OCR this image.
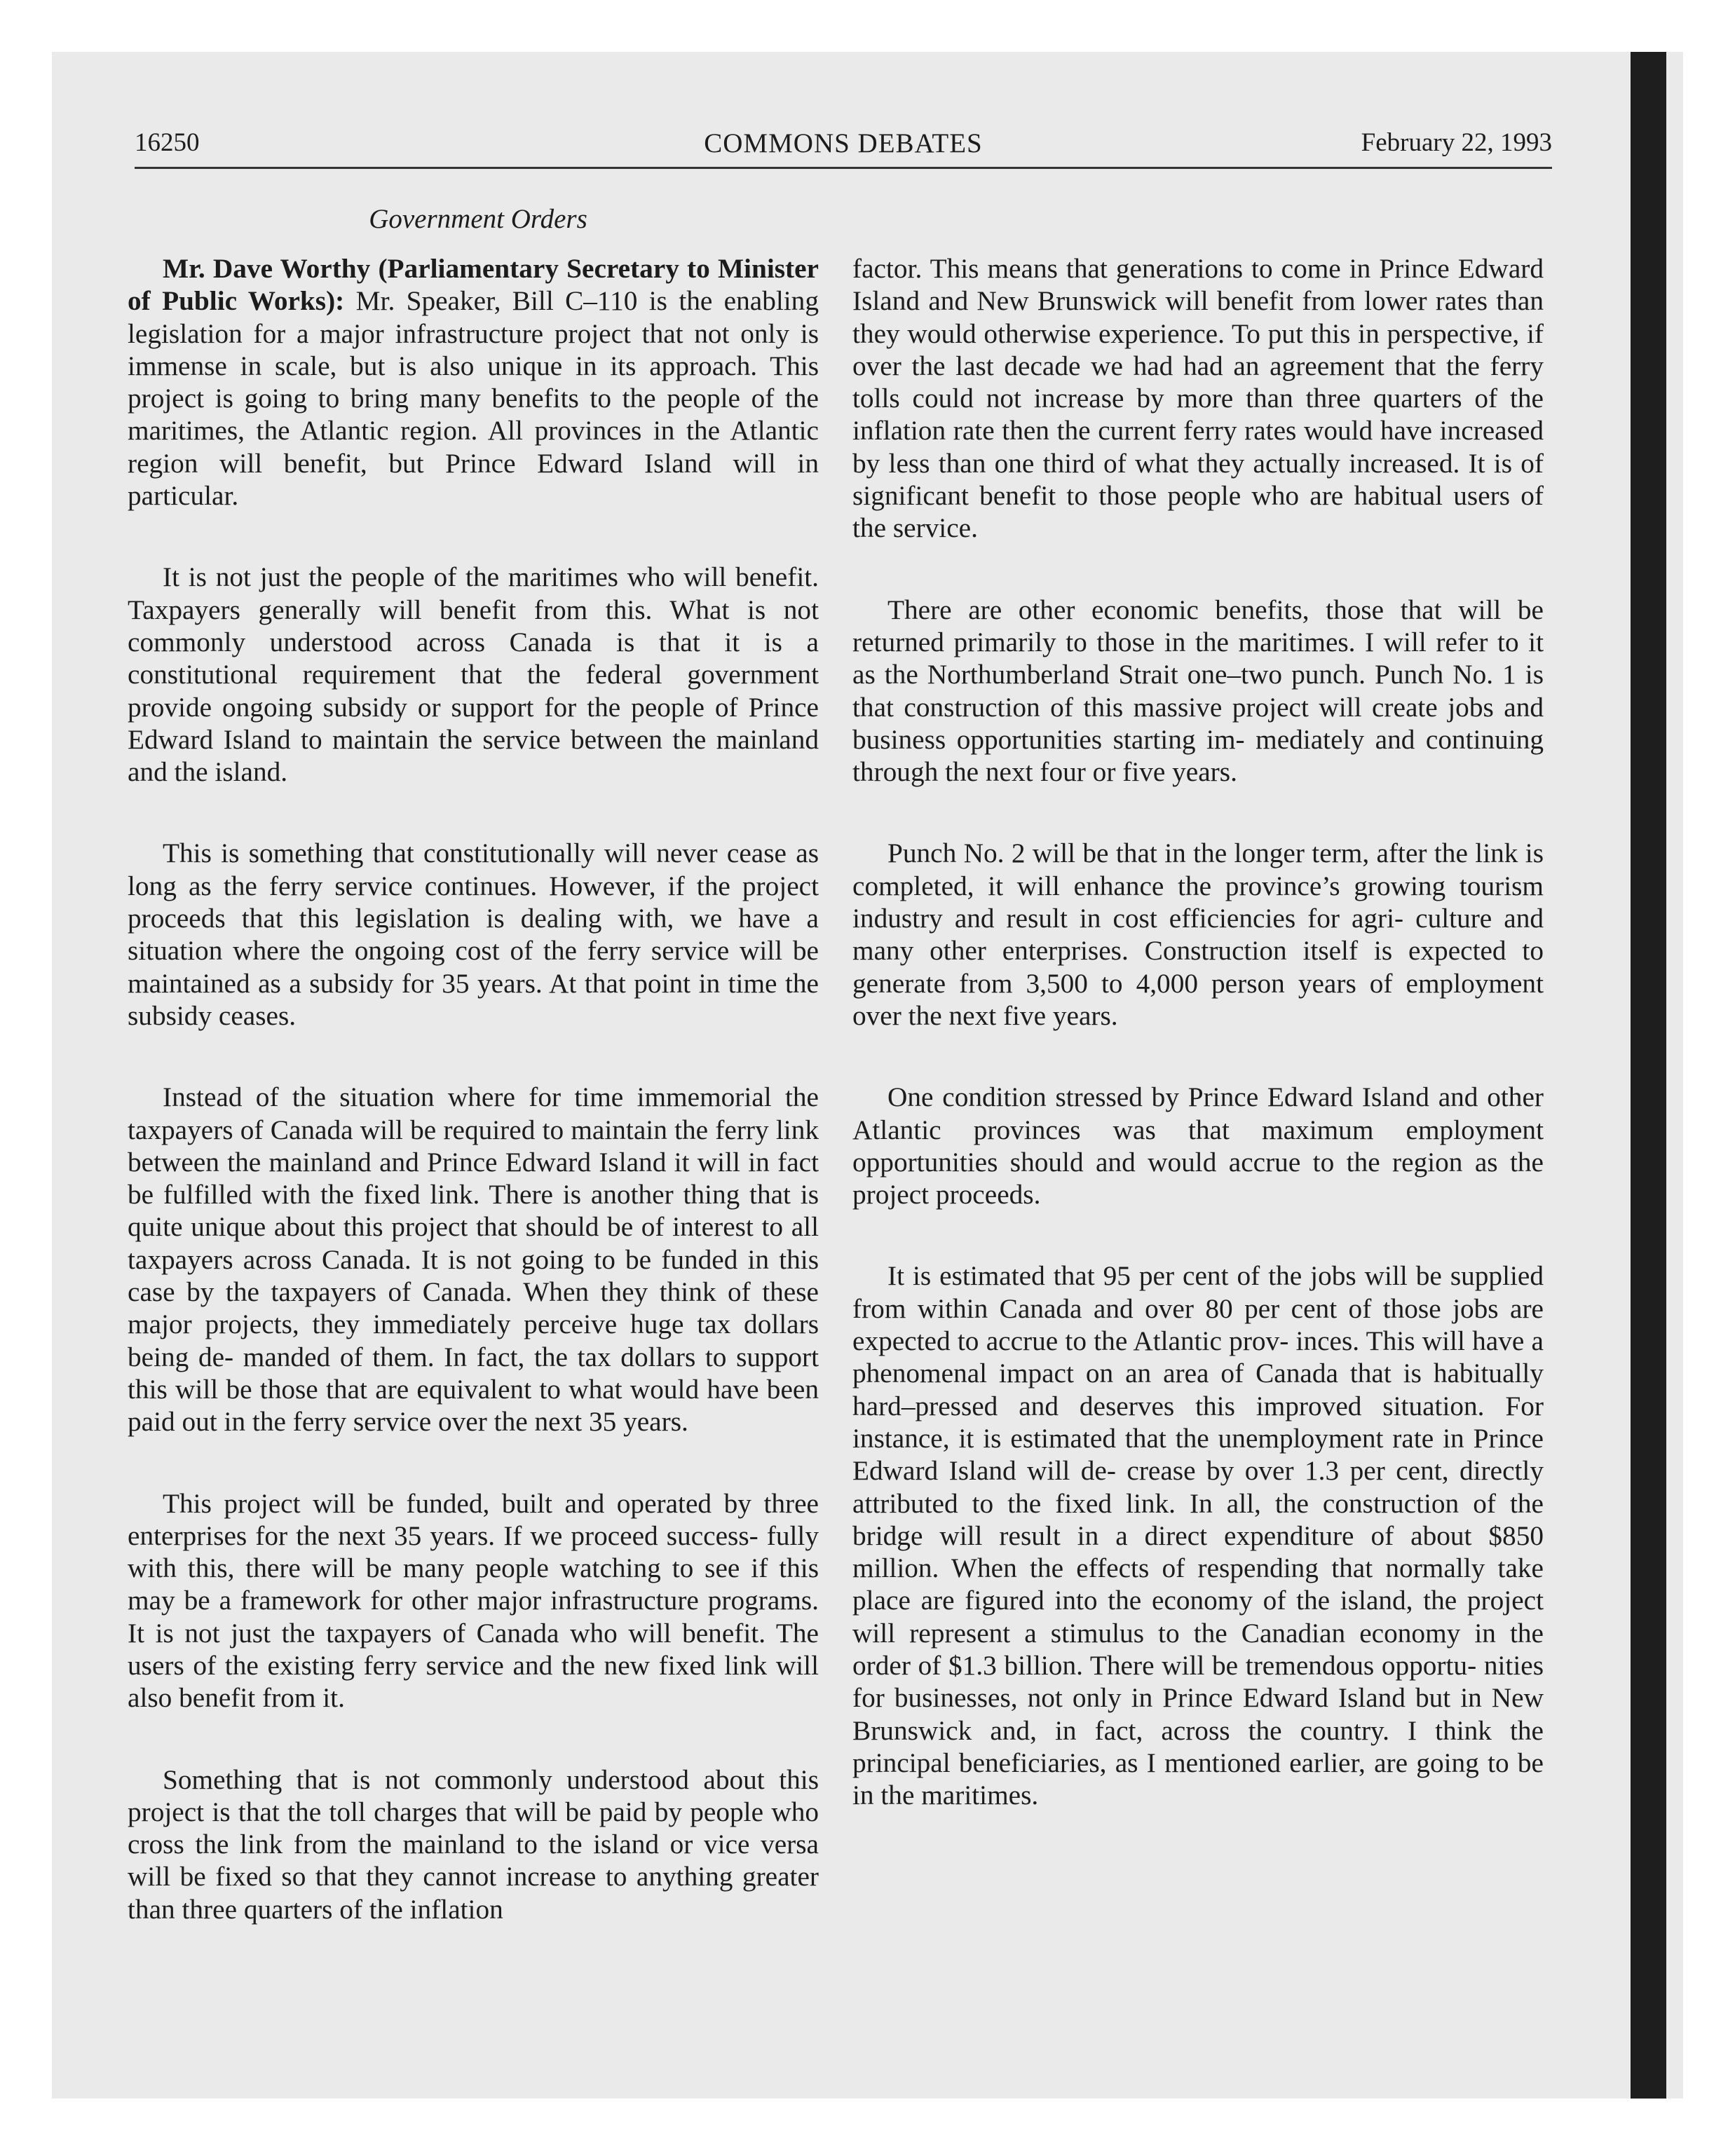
16250	COMMONS DEBATES	February 22, 1993
Government Orders

Mr. Dave Worthy (Parliamentary Secretary to Minister of Public Works): Mr. Speaker, Bill C–110 is the enabling legislation for a major infrastructure project that not only is immense in scale, but is also unique in its approach. This project is going to bring many benefits to the people of the maritimes, the Atlantic region. All provinces in the Atlantic region will benefit, but Prince Edward Island will in particular.

It is not just the people of the maritimes who will benefit. Taxpayers generally will benefit from this. What is not commonly understood across Canada is that it is a constitutional requirement that the federal government provide ongoing subsidy or support for the people of Prince Edward Island to maintain the service between the mainland and the island.

This is something that constitutionally will never cease as long as the ferry service continues. However, if the project proceeds that this legislation is dealing with, we have a situation where the ongoing cost of the ferry service will be maintained as a subsidy for 35 years. At that point in time the subsidy ceases.

Instead of the situation where for time immemorial the taxpayers of Canada will be required to maintain the ferry link between the mainland and Prince Edward Island it will in fact be fulfilled with the fixed link. There is another thing that is quite unique about this project that should be of interest to all taxpayers across Canada. It is not going to be funded in this case by the taxpayers of Canada. When they think of these major projects, they immediately perceive huge tax dollars being de- manded of them. In fact, the tax dollars to support this will be those that are equivalent to what would have been paid out in the ferry service over the next 35 years.

This project will be funded, built and operated by three enterprises for the next 35 years. If we proceed success- fully with this, there will be many people watching to see if this may be a framework for other major infrastructure programs. It is not just the taxpayers of Canada who will benefit. The users of the existing ferry service and the new fixed link will also benefit from it.

Something that is not commonly understood about this project is that the toll charges that will be paid by people who cross the link from the mainland to the island or vice versa will be fixed so that they cannot increase to anything greater than three quarters of the inflation

factor. This means that generations to come in Prince Edward Island and New Brunswick will benefit from lower rates than they would otherwise experience. To put this in perspective, if over the last decade we had had an agreement that the ferry tolls could not increase by more than three quarters of the inflation rate then the current ferry rates would have increased by less than one third of what they actually increased. It is of significant benefit to those people who are habitual users of the service.

There are other economic benefits, those that will be returned primarily to those in the maritimes. I will refer to it as the Northumberland Strait one–two punch. Punch No. 1 is that construction of this massive project will create jobs and business opportunities starting im- mediately and continuing through the next four or five years.

Punch No. 2 will be that in the longer term, after the link is completed, it will enhance the province’s growing tourism industry and result in cost efficiencies for agri- culture and many other enterprises. Construction itself is expected to generate from 3,500 to 4,000 person years of employment over the next five years.

One condition stressed by Prince Edward Island and other Atlantic provinces was that maximum employment opportunities should and would accrue to the region as the project proceeds.

It is estimated that 95 per cent of the jobs will be supplied from within Canada and over 80 per cent of those jobs are expected to accrue to the Atlantic prov- inces. This will have a phenomenal impact on an area of Canada that is habitually hard–pressed and deserves this improved situation. For instance, it is estimated that the unemployment rate in Prince Edward Island will de- crease by over 1.3 per cent, directly attributed to the fixed link. In all, the construction of the bridge will result in a direct expenditure of about $850 million. When the effects of respending that normally take place are figured into the economy of the island, the project will represent a stimulus to the Canadian economy in the order of $1.3 billion. There will be tremendous opportu- nities for businesses, not only in Prince Edward Island but in New Brunswick and, in fact, across the country. I think the principal beneficiaries, as I mentioned earlier, are going to be in the maritimes.
